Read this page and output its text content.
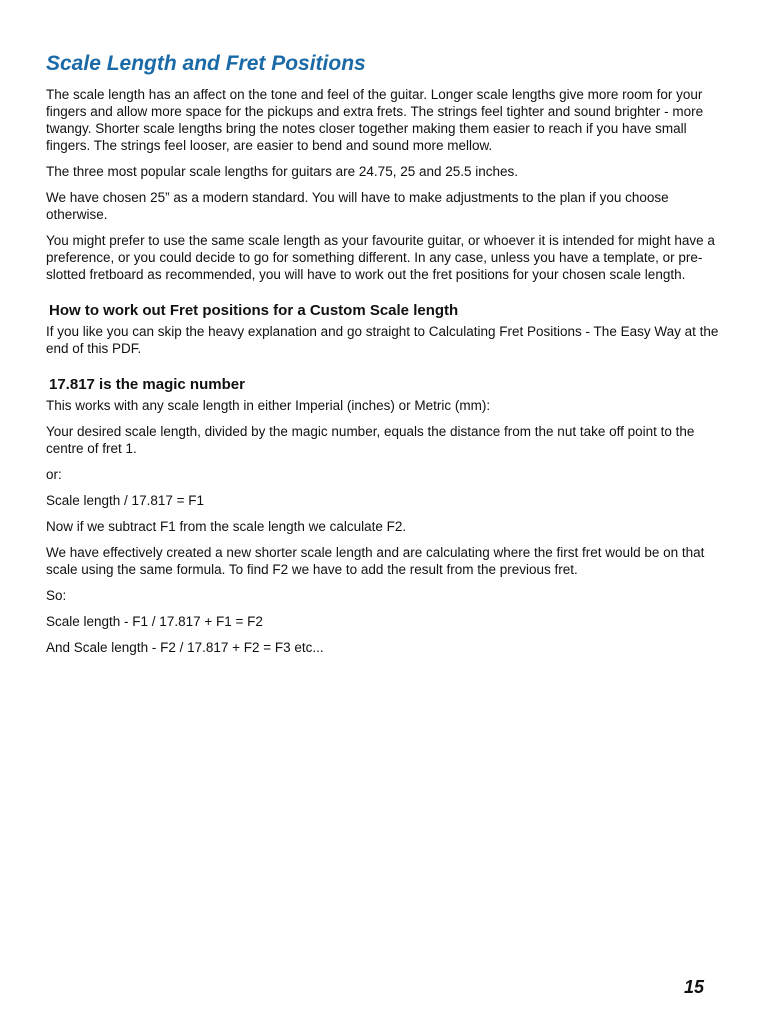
Scale Length and Fret Positions

The scale length has an affect on the tone and feel of the guitar. Longer scale lengths give more room for your fingers and allow more space for the pickups and extra frets. The strings feel tighter and sound brighter - more twangy. Shorter scale lengths bring the notes closer together making them easier to reach if you have small fingers. The strings feel looser, are easier to bend and sound more mellow.

The three most popular scale lengths for guitars are 24.75, 25 and 25.5 inches.

We have chosen 25” as a modern standard. You will have to make adjustments to the plan if you choose otherwise.

You might prefer to use the same scale length as your favourite guitar, or whoever it is intended for might have a preference, or you could decide to go for something different. In any case, unless you have a template, or pre-slotted fretboard as recommended, you will have to work out the fret positions for your chosen scale length.

How to work out Fret positions for a Custom Scale length

If you like you can skip the heavy explanation and go straight to Calculating Fret Positions - The Easy Way at the end of this PDF.

17.817 is the magic number

This works with any scale length in either Imperial (inches) or Metric (mm):

Your desired scale length, divided by the magic number, equals the distance from the nut take off point to the centre of fret 1.

or:

Scale length / 17.817 = F1

Now if we subtract F1 from the scale length we calculate F2.

We have effectively created a new shorter scale length and are calculating where the first fret would be on that scale using the same formula. To find F2 we have to add the result from the previous fret.

So:

Scale length - F1 / 17.817 + F1 = F2

And Scale length - F2 / 17.817 + F2 = F3 etc...

15
